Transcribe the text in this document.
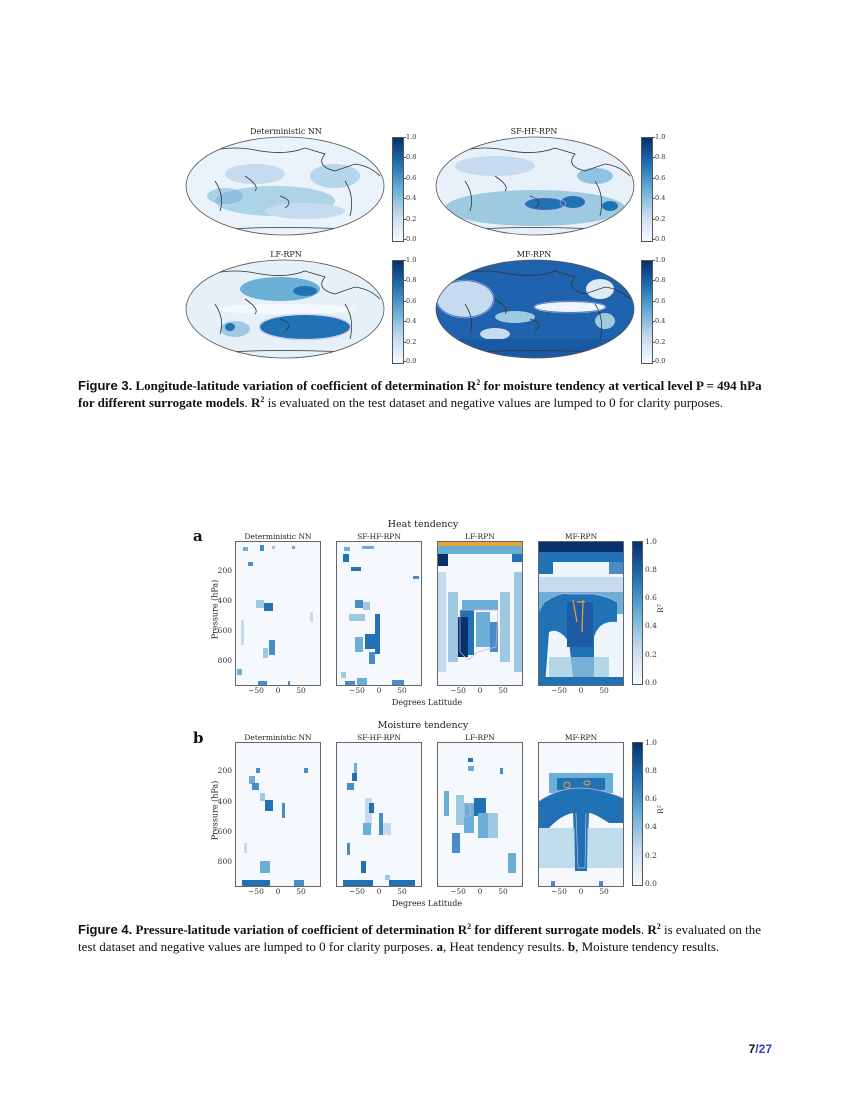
Deterministic NN
1.0
0.8
0.6
0.4
0.2
0.0
SF-HF-RPN
1.0
0.8
0.6
0.4
0.2
0.0
LF-RPN
1.0
0.8
0.6
0.4
0.2
0.0
MF-RPN
1.0
0.8
0.6
0.4
0.2
0.0
Figure 3. Longitude-latitude variation of coefficient of determination $R^2$ for moisture tendency at vertical level P = 494 hPa for different surrogate models. $R^2$ is evaluated on the test dataset and negative values are lumped to 0 for clarity purposes.
a
Heat tendency
Deterministic NN	SF-HF-RPN	LF-RPN	MF-RPN
Pressure (hPa)
200
400
600
800
−50	0	50	−50	0	50	−50	0	50	−50	0	50
Degrees Latitude
1.0
0.8
0.6
0.4
0.2
0.0
R²
b
Moisture tendency
Deterministic NN	SF-HF-RPN	LF-RPN	MF-RPN
Pressure (hPa)
200
400
600
800
−50	0	50	−50	0	50	−50	0	50	−50	0	50
Degrees Latitude
1.0
0.8
0.6
0.4
0.2
0.0
R²
Figure 4. Pressure-latitude variation of coefficient of determination $R^2$ for different surrogate models. $R^2$ is evaluated on the test dataset and negative values are lumped to 0 for clarity purposes. a, Heat tendency results. b, Moisture tendency results.
7/27
